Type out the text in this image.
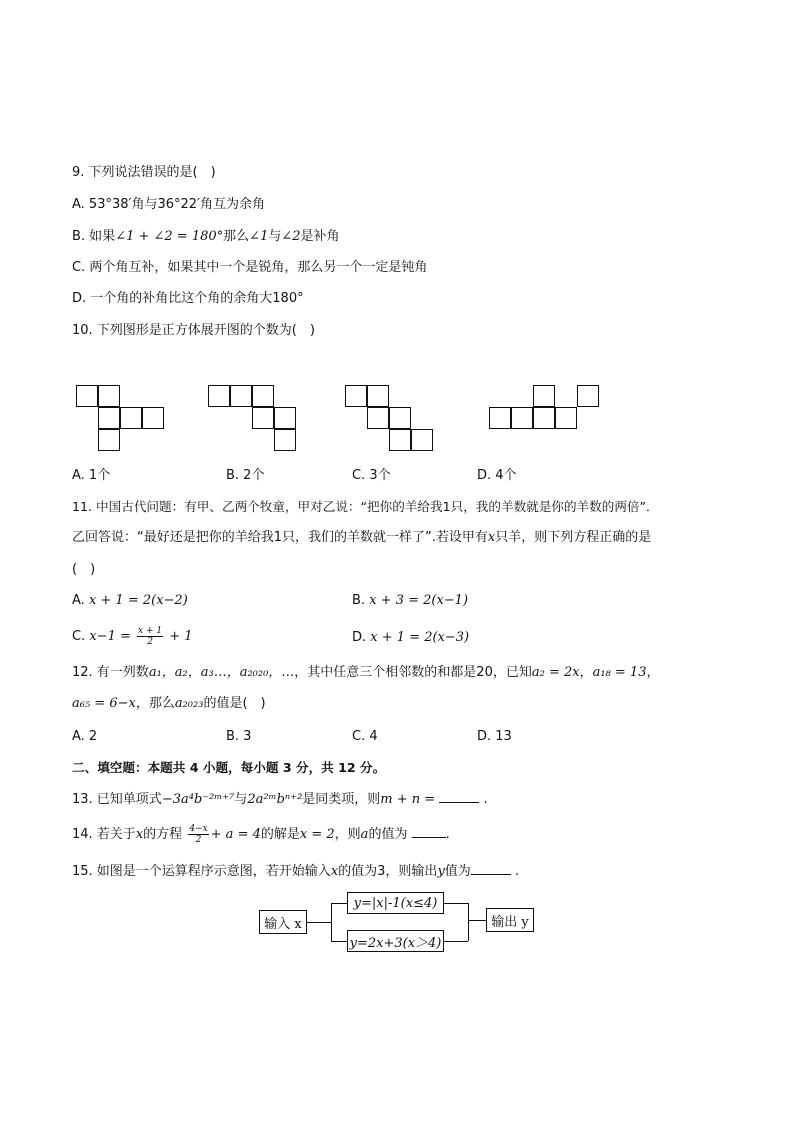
9. 下列说法错误的是(　)
A. 53°38′角与36°22′角互为余角
B. 如果∠1 + ∠2 = 180°那么∠1与∠2是补角
C. 两个角互补，如果其中一个是锐角，那么另一个一定是钝角
D. 一个角的补角比这个角的余角大180°
10. 下列图形是正方体展开图的个数为(　)
A. 1个	B. 2个	C. 3个	D. 4个
11. 中国古代问题：有甲、乙两个牧童，甲对乙说：“把你的羊给我1只，我的羊数就是你的羊数的两倍”．
乙回答说：“最好还是把你的羊给我1只，我们的羊数就一样了”.若设甲有x只羊，则下列方程正确的是
(　)
A. x + 1 = 2(x−2)	B. x + 3 = 2(x−1)
C. $x-1 = \frac{x + 1}{2} + 1$	D. x + 1 = 2(x−3)
12. 有一列数a₁，a₂，a₃…，a₂₀₂₀，…，其中任意三个相邻数的和都是20，已知a₂ = 2x，a₁₈ = 13，
a₆₅ = 6−x，那么a₂₀₂₃的值是(　)
A. 2	B. 3	C. 4	D. 13
二、填空题：本题共 4 小题，每小题 3 分，共 12 分。
13. 已知单项式−3a⁴b⁻²ᵐ⁺⁷与2a²ᵐbⁿ⁺²是同类项，则m + n =	.
14. 若关于x的方程 $\frac{4-x}{2} + a = 4$的解是x = 2，则a的值为	.
15. 如图是一个运算程序示意图，若开始输入x的值为3，则输出y值为	.
输入 x
y=|x|-1(x≤4)
y=2x+3(x＞4)
输出 y
